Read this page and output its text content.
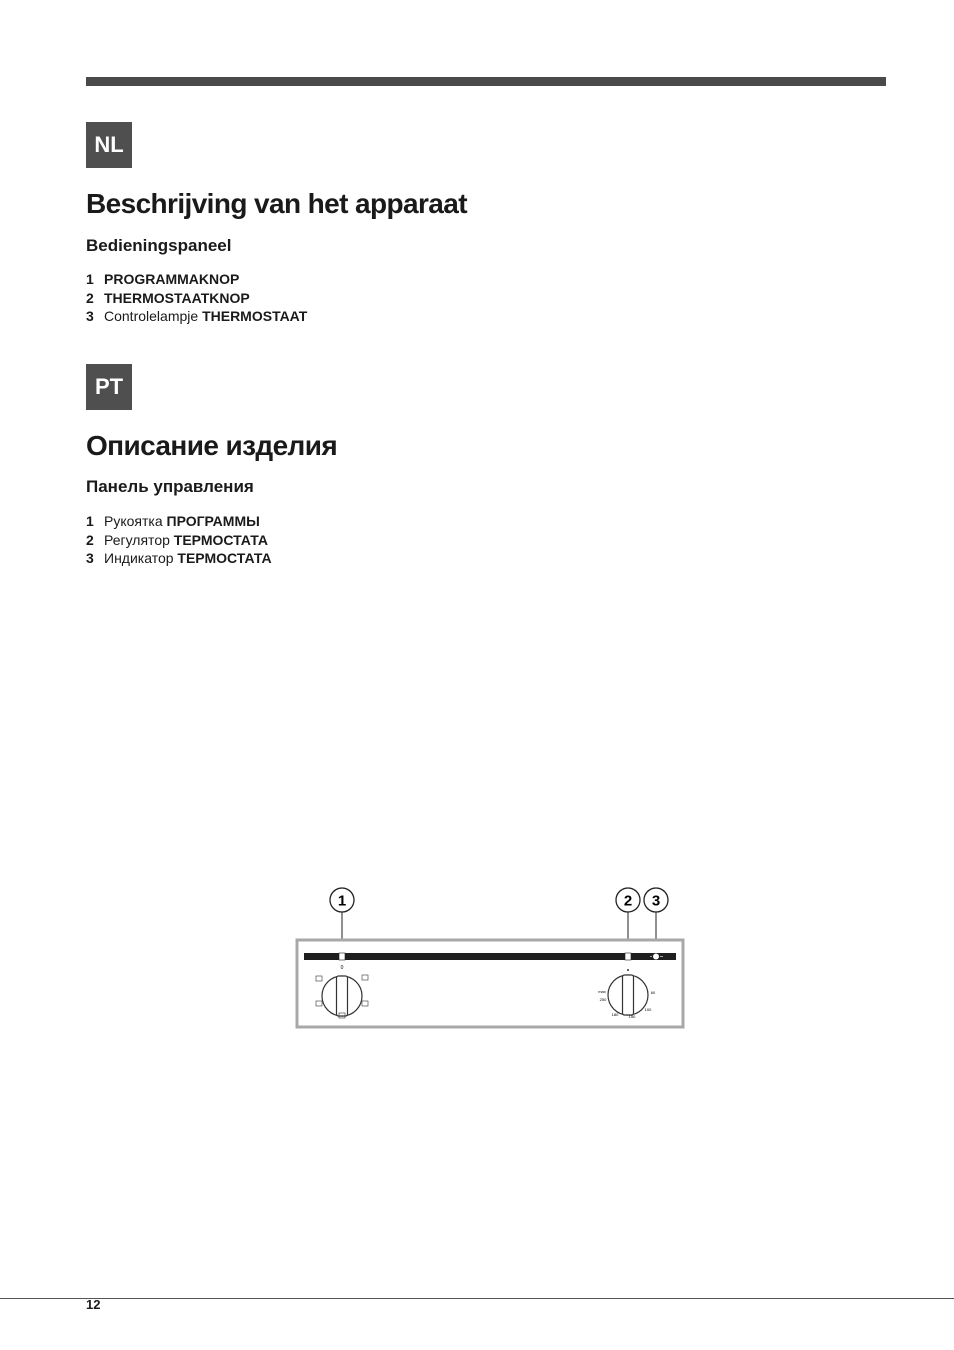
NL
Beschrijving van het apparaat
Bedieningspaneel
1 PROGRAMMAKNOP
2 THERMOSTAATKNOP
3 Controlelampje THERMOSTAAT
PT
Описание изделия
Панель управления
1 Рукоятка ПРОГРАММЫ
2 Регулятор ТЕРМОСТАТА
3 Индикатор ТЕРМОСТАТА
1	2 3
0
max
250
180	150
60
100
12
